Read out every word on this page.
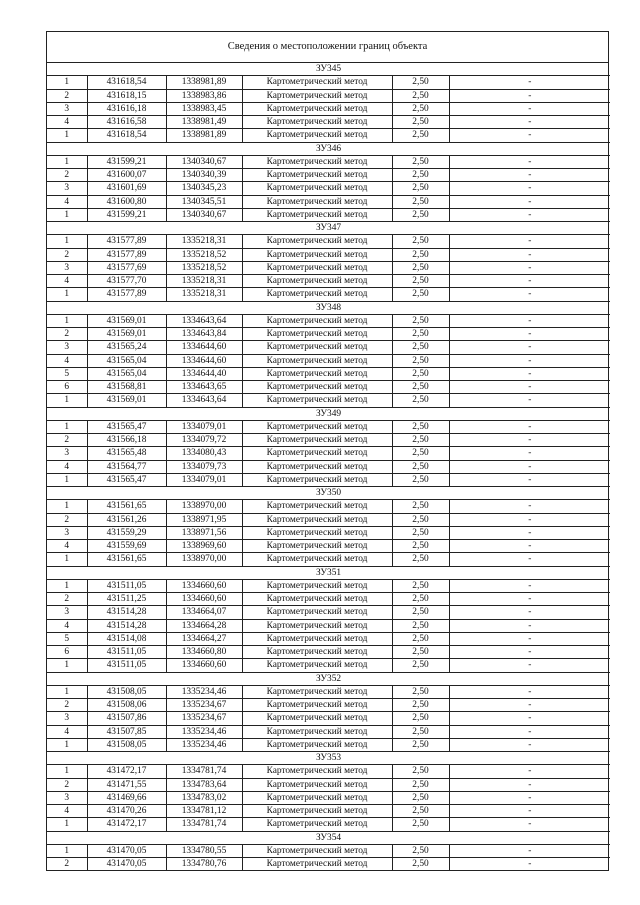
Сведения о местоположении границ объекта
ЗУ345					
1	431618,54	1338981,89	Картометрический метод	2,50	-
2	431618,15	1338983,86	Картометрический метод	2,50	-
3	431616,18	1338983,45	Картометрический метод	2,50	-
4	431616,58	1338981,49	Картометрический метод	2,50	-
1	431618,54	1338981,89	Картометрический метод	2,50	-
ЗУ346					
1	431599,21	1340340,67	Картометрический метод	2,50	-
2	431600,07	1340340,39	Картометрический метод	2,50	-
3	431601,69	1340345,23	Картометрический метод	2,50	-
4	431600,80	1340345,51	Картометрический метод	2,50	-
1	431599,21	1340340,67	Картометрический метод	2,50	-
ЗУ347					
1	431577,89	1335218,31	Картометрический метод	2,50	-
2	431577,89	1335218,52	Картометрический метод	2,50	-
3	431577,69	1335218,52	Картометрический метод	2,50	-
4	431577,70	1335218,31	Картометрический метод	2,50	-
1	431577,89	1335218,31	Картометрический метод	2,50	-
ЗУ348					
1	431569,01	1334643,64	Картометрический метод	2,50	-
2	431569,01	1334643,84	Картометрический метод	2,50	-
3	431565,24	1334644,60	Картометрический метод	2,50	-
4	431565,04	1334644,60	Картометрический метод	2,50	-
5	431565,04	1334644,40	Картометрический метод	2,50	-
6	431568,81	1334643,65	Картометрический метод	2,50	-
1	431569,01	1334643,64	Картометрический метод	2,50	-
ЗУ349					
1	431565,47	1334079,01	Картометрический метод	2,50	-
2	431566,18	1334079,72	Картометрический метод	2,50	-
3	431565,48	1334080,43	Картометрический метод	2,50	-
4	431564,77	1334079,73	Картометрический метод	2,50	-
1	431565,47	1334079,01	Картометрический метод	2,50	-
ЗУ350					
1	431561,65	1338970,00	Картометрический метод	2,50	-
2	431561,26	1338971,95	Картометрический метод	2,50	-
3	431559,29	1338971,56	Картометрический метод	2,50	-
4	431559,69	1338969,60	Картометрический метод	2,50	-
1	431561,65	1338970,00	Картометрический метод	2,50	-
ЗУ351					
1	431511,05	1334660,60	Картометрический метод	2,50	-
2	431511,25	1334660,60	Картометрический метод	2,50	-
3	431514,28	1334664,07	Картометрический метод	2,50	-
4	431514,28	1334664,28	Картометрический метод	2,50	-
5	431514,08	1334664,27	Картометрический метод	2,50	-
6	431511,05	1334660,80	Картометрический метод	2,50	-
1	431511,05	1334660,60	Картометрический метод	2,50	-
ЗУ352					
1	431508,05	1335234,46	Картометрический метод	2,50	-
2	431508,06	1335234,67	Картометрический метод	2,50	-
3	431507,86	1335234,67	Картометрический метод	2,50	-
4	431507,85	1335234,46	Картометрический метод	2,50	-
1	431508,05	1335234,46	Картометрический метод	2,50	-
ЗУ353					
1	431472,17	1334781,74	Картометрический метод	2,50	-
2	431471,55	1334783,64	Картометрический метод	2,50	-
3	431469,66	1334783,02	Картометрический метод	2,50	-
4	431470,26	1334781,12	Картометрический метод	2,50	-
1	431472,17	1334781,74	Картометрический метод	2,50	-
ЗУ354					
1	431470,05	1334780,55	Картометрический метод	2,50	-
2	431470,05	1334780,76	Картометрический метод	2,50	-
